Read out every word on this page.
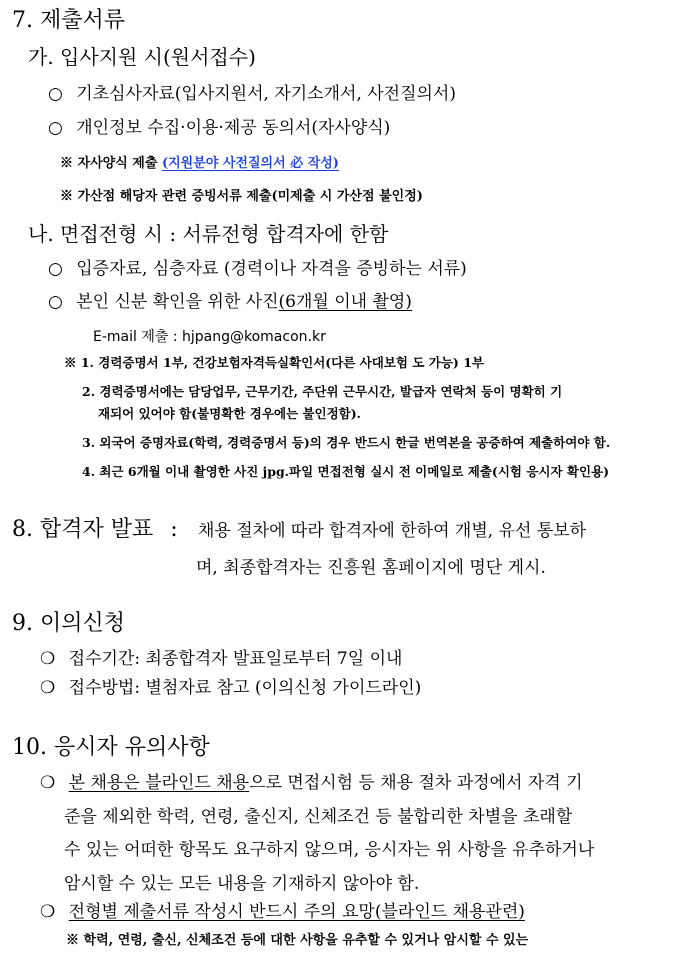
7. 제출서류
가. 입사지원 시(원서접수)
○ 기초심사자료(입사지원서, 자기소개서, 사전질의서)
○ 개인정보 수집·이용·제공 동의서(자사양식)
※ 자사양식 제출 (지원분야 사전질의서 必 작성)
※ 가산점 해당자 관련 증빙서류 제출(미제출 시 가산점 불인정)
나. 면접전형 시 : 서류전형 합격자에 한함
○ 입증자료, 심층자료 (경력이나 자격을 증빙하는 서류)
○ 본인 신분 확인을 위한 사진(6개월 이내 촬영)
E-mail 제출 : hjpang@komacon.kr
※ 1. 경력증명서 1부, 건강보험자격득실확인서(다른 사대보험 도 가능) 1부
2. 경력증명서에는 담당업무, 근무기간, 주단위 근무시간, 발급자 연락처 등이 명확히 기
재되어 있어야 함(불명확한 경우에는 불인정함).
3. 외국어 증명자료(학력, 경력증명서 등)의 경우 반드시 한글 번역본을 공증하여 제출하여야 함.
4. 최근 6개월 이내 촬영한 사진 jpg.파일 면접전형 실시 전 이메일로 제출(시험 응시자 확인용)
8. 합격자 발표 : 채용 절차에 따라 합격자에 한하여 개별, 유선 통보하
며, 최종합격자는 진흥원 홈페이지에 명단 게시.
9. 이의신청
❍ 접수기간: 최종합격자 발표일로부터 7일 이내
❍ 접수방법: 별첨자료 참고 (이의신청 가이드라인)
10. 응시자 유의사항
❍ 본 채용은 블라인드 채용으로 면접시험 등 채용 절차 과정에서 자격 기
준을 제외한 학력, 연령, 출신지, 신체조건 등 불합리한 차별을 초래할
수 있는 어떠한 항목도 요구하지 않으며, 응시자는 위 사항을 유추하거나
암시할 수 있는 모든 내용을 기재하지 않아야 함.
❍ 전형별 제출서류 작성시 반드시 주의 요망(블라인드 채용관련)
※ 학력, 연령, 출신, 신체조건 등에 대한 사항을 유추할 수 있거나 암시할 수 있는
